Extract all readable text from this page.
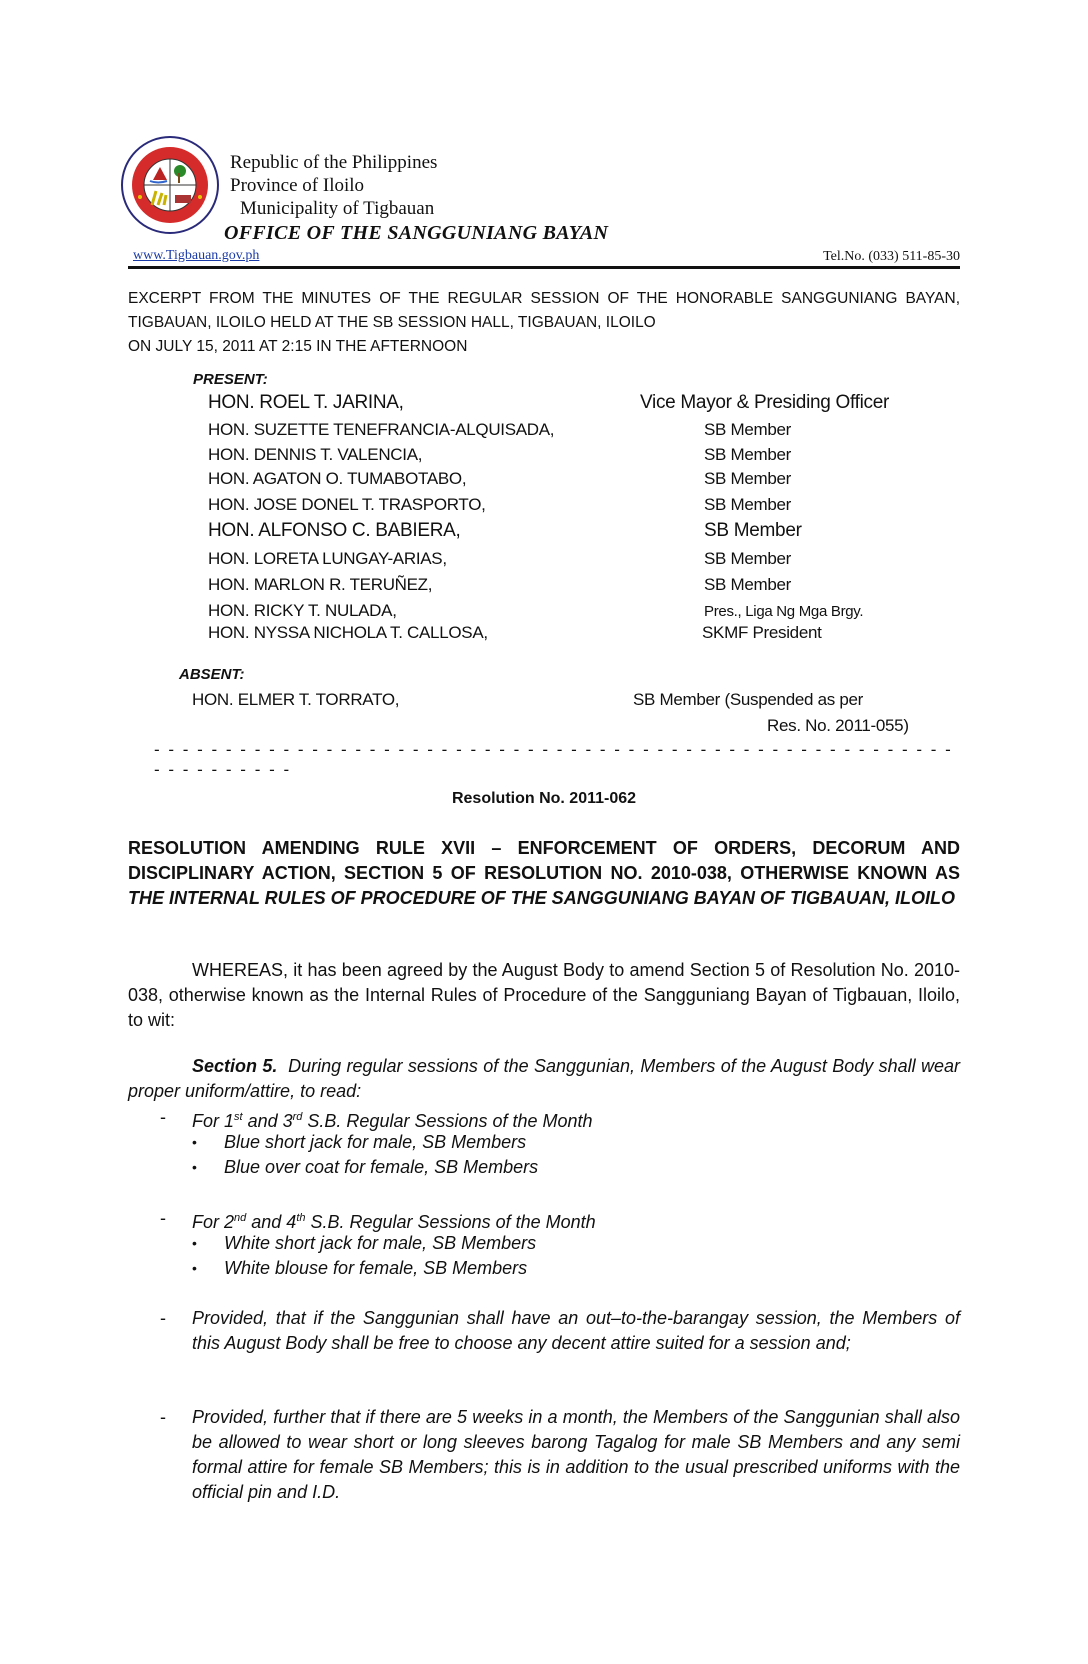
Republic of the Philippines
Province of Iloilo
Municipality of Tigbauan
OFFICE OF THE SANGGUNIANG BAYAN
www.Tigbauan.gov.ph	Tel.No. (033) 511-85-30
EXCERPT FROM THE MINUTES OF THE REGULAR SESSION OF THE HONORABLE SANGGUNIANG BAYAN, TIGBAUAN, ILOILO HELD AT THE SB SESSION HALL, TIGBAUAN, ILOILO
ON JULY 15, 2011 AT 2:15 IN THE AFTERNOON
PRESENT:
HON. ROEL T. JARINA,	Vice Mayor & Presiding Officer
HON. SUZETTE TENEFRANCIA-ALQUISADA,	SB Member
HON. DENNIS T. VALENCIA,	SB Member
HON. AGATON O. TUMABOTABO,	SB Member
HON. JOSE DONEL T. TRASPORTO,	SB Member
HON. ALFONSO C. BABIERA,	SB Member
HON. LORETA LUNGAY-ARIAS,	SB Member
HON. MARLON R. TERUÑEZ,	SB Member
HON. RICKY T. NULADA,	Pres., Liga Ng Mga Brgy.
HON. NYSSA NICHOLA T. CALLOSA,	SKMF President
ABSENT:
HON. ELMER T. TORRATO,	SB Member (Suspended as per
Res. No. 2011-055)
- - - - - - - - - - - - - - - - - - - - - - - - - - - - - - - - - - - - - - - - - - - - - - - - - - - - - - - - - - - - - - - - - -
Resolution No. 2011-062
RESOLUTION AMENDING RULE XVII – ENFORCEMENT OF ORDERS, DECORUM AND DISCIPLINARY ACTION, SECTION 5 OF RESOLUTION NO. 2010-038, OTHERWISE KNOWN AS THE INTERNAL RULES OF PROCEDURE OF THE SANGGUNIANG BAYAN OF TIGBAUAN, ILOILO
WHEREAS, it has been agreed by the August Body to amend Section 5 of Resolution No. 2010-038, otherwise known as the Internal Rules of Procedure of the Sangguniang Bayan of Tigbauan, Iloilo, to wit:
Section 5. During regular sessions of the Sanggunian, Members of the August Body shall wear proper uniform/attire, to read:
- For 1st and 3rd S.B. Regular Sessions of the Month
• Blue short jack for male, SB Members
• Blue over coat for female, SB Members
- For 2nd and 4th S.B. Regular Sessions of the Month
• White short jack for male, SB Members
• White blouse for female, SB Members
- Provided, that if the Sanggunian shall have an out–to-the-barangay session, the Members of this August Body shall be free to choose any decent attire suited for a session and;
- Provided, further that if there are 5 weeks in a month, the Members of the Sanggunian shall also be allowed to wear short or long sleeves barong Tagalog for male SB Members and any semi formal attire for female SB Members; this is in addition to the usual prescribed uniforms with the official pin and I.D.
